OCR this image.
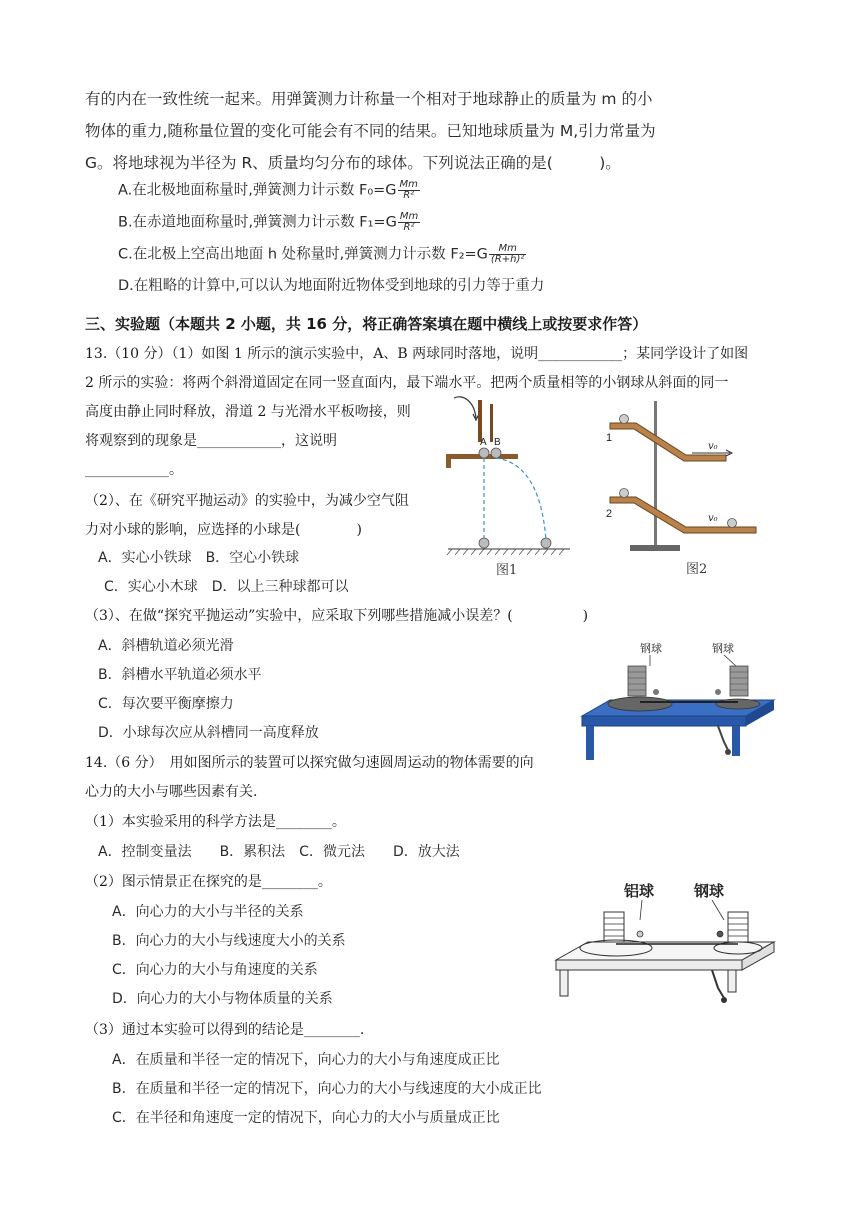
有的内在一致性统一起来。用弹簧测力计称量一个相对于地球静止的质量为 m 的小
物体的重力,随称量位置的变化可能会有不同的结果。已知地球质量为 M,引力常量为
G。将地球视为半径为 R、质量均匀分布的球体。下列说法正确的是(　　　)。
A.在北极地面称量时,弹簧测力计示数 $F_0=G \frac{Mm}{\text{R²}}$
B.在赤道地面称量时,弹簧测力计示数 $F_1=G \frac{Mm}{\text{R²}}$
C.在北极上空高出地面 h 处称量时,弹簧测力计示数 $F_2=G \frac{Mm}{\text{(R+h)²}}$
D.在粗略的计算中,可以认为地面附近物体受到地球的引力等于重力
三、实验题（本题共 2 小题，共 16 分，将正确答案填在题中横线上或按要求作答）
13.（10 分）（1）如图 1 所示的演示实验中，A、B 两球同时落地，说明____________；某同学设计了如图
2 所示的实验：将两个斜滑道固定在同一竖直面内，最下端水平。把两个质量相等的小钢球从斜面的同一
高度由静止同时释放，滑道 2 与光滑水平板吻接，则
将观察到的现象是____________，这说明
____________。
（2）、在《研究平抛运动》的实验中，为减少空气阻
力对小球的影响，应选择的小球是(　　　　)
A．实心小铁球　B．空心小铁球
C．实心小木球　D．以上三种球都可以
（3）、在做“探究平抛运动”实验中，应采取下列哪些措施减小误差？(　　　　　)
A．斜槽轨道必须光滑
B．斜槽水平轨道必须水平
C．每次要平衡摩擦力
D．小球每次应从斜槽同一高度释放
14.（6 分）　用如图所示的装置可以探究做匀速圆周运动的物体需要的向
心力的大小与哪些因素有关.
（1）本实验采用的科学方法是________。
A．控制变量法　　B．累积法　C．微元法　　D．放大法
（2）图示情景正在探究的是________。
A．向心力的大小与半径的关系
B．向心力的大小与线速度大小的关系
C．向心力的大小与角速度的关系
D．向心力的大小与物体质量的关系
（3）通过本实验可以得到的结论是________.
A．在质量和半径一定的情况下，向心力的大小与角速度成正比
B．在质量和半径一定的情况下，向心力的大小与线速度的大小成正比
C．在半径和角速度一定的情况下，向心力的大小与质量成正比
A B
图1
1
v₀
2	v₀
图2
钢球	钢球
铝球	钢球
